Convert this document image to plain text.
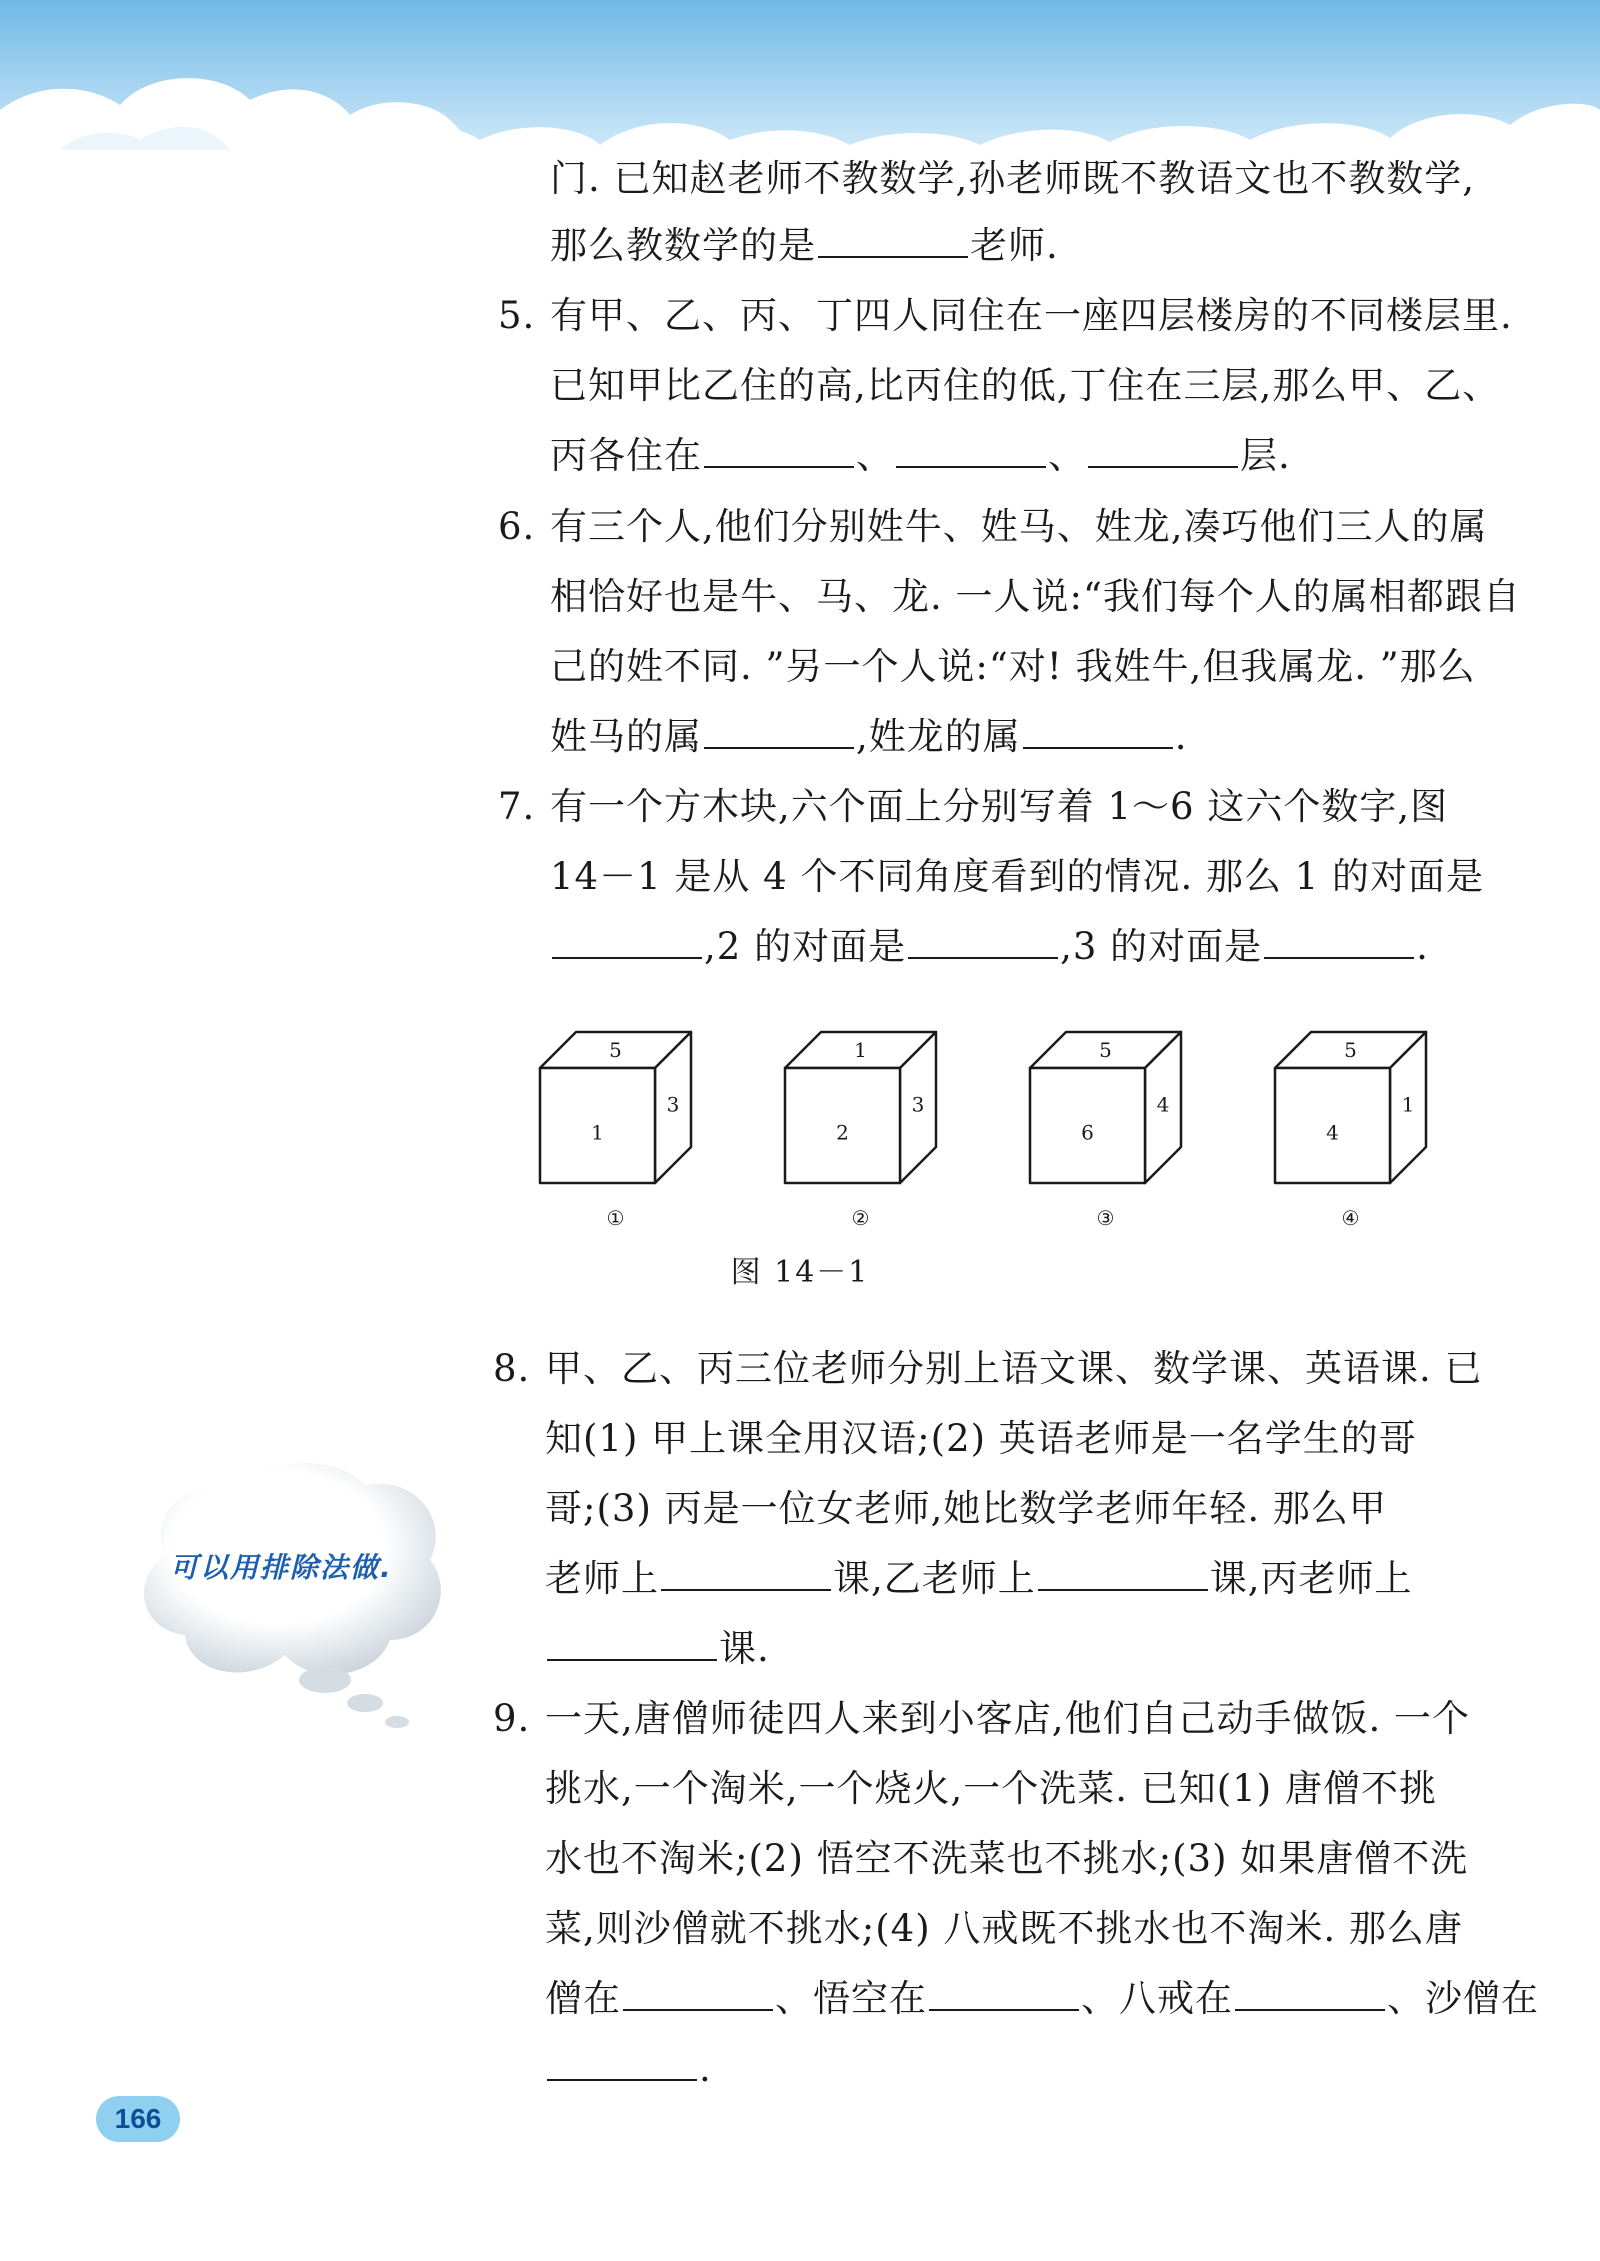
门. 已知赵老师不教数学,孙老师既不教语文也不教数学,
那么教数学的是	老师.
5. 有甲、乙、丙、丁四人同住在一座四层楼房的不同楼层里.
已知甲比乙住的高,比丙住的低,丁住在三层,那么甲、乙、
丙各住在	、	、	层.
6. 有三个人,他们分别姓牛、姓马、姓龙,凑巧他们三人的属
相恰好也是牛、马、龙. 一人说:“我们每个人的属相都跟自
己的姓不同. ”另一个人说:“对! 我姓牛,但我属龙. ”那么
姓马的属	,姓龙的属	.
7. 有一个方木块,六个面上分别写着 1～6 这六个数字,图
14－1 是从 4 个不同角度看到的情况. 那么 1 的对面是
,2 的对面是	,3 的对面是	.
5
3
1
①
1
3
2
②
5
4
6
③
5
1
4
④
图 14－1
8. 甲、乙、丙三位老师分别上语文课、数学课、英语课. 已
知(1) 甲上课全用汉语;(2) 英语老师是一名学生的哥
哥;(3) 丙是一位女老师,她比数学老师年轻. 那么甲
老师上	课,乙老师上	课,丙老师上
课.
9. 一天,唐僧师徒四人来到小客店,他们自己动手做饭. 一个
挑水,一个淘米,一个烧火,一个洗菜. 已知(1) 唐僧不挑
水也不淘米;(2) 悟空不洗菜也不挑水;(3) 如果唐僧不洗
菜,则沙僧就不挑水;(4) 八戒既不挑水也不淘米. 那么唐
僧在	、悟空在	、八戒在	、沙僧在
.
可以用排除法做.
166
